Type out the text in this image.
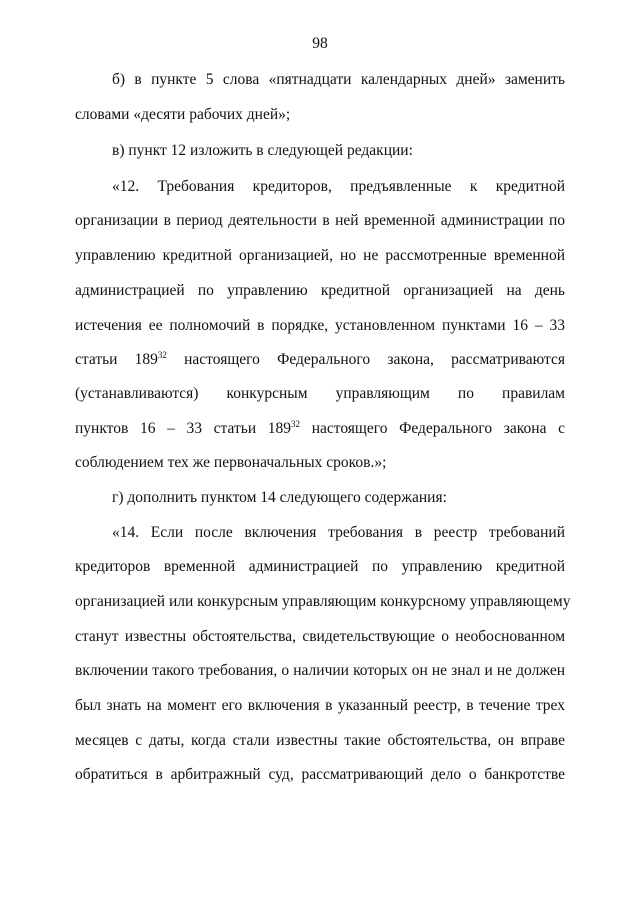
98
б) в пункте 5 слова «пятнадцати календарных дней» заменить
словами «десяти рабочих дней»;
в) пункт 12 изложить в следующей редакции:
«12. Требования кредиторов, предъявленные к кредитной
организации в период деятельности в ней временной администрации по
управлению кредитной организацией, но не рассмотренные временной
администрацией по управлению кредитной организацией на день
истечения ее полномочий в порядке, установленном пунктами 16 – 33
статьи $189^{32}$ настоящего Федерального закона, рассматриваются
(устанавливаются) конкурсным управляющим по правилам
пунктов 16 – 33 статьи $189^{32}$ настоящего Федерального закона с
соблюдением тех же первоначальных сроков.»;
г) дополнить пунктом 14 следующего содержания:
«14. Если после включения требования в реестр требований
кредиторов временной администрацией по управлению кредитной
организацией или конкурсным управляющим конкурсному управляющему
станут известны обстоятельства, свидетельствующие о необоснованном
включении такого требования, о наличии которых он не знал и не должен
был знать на момент его включения в указанный реестр, в течение трех
месяцев с даты, когда стали известны такие обстоятельства, он вправе
обратиться в арбитражный суд, рассматривающий дело о банкротстве
